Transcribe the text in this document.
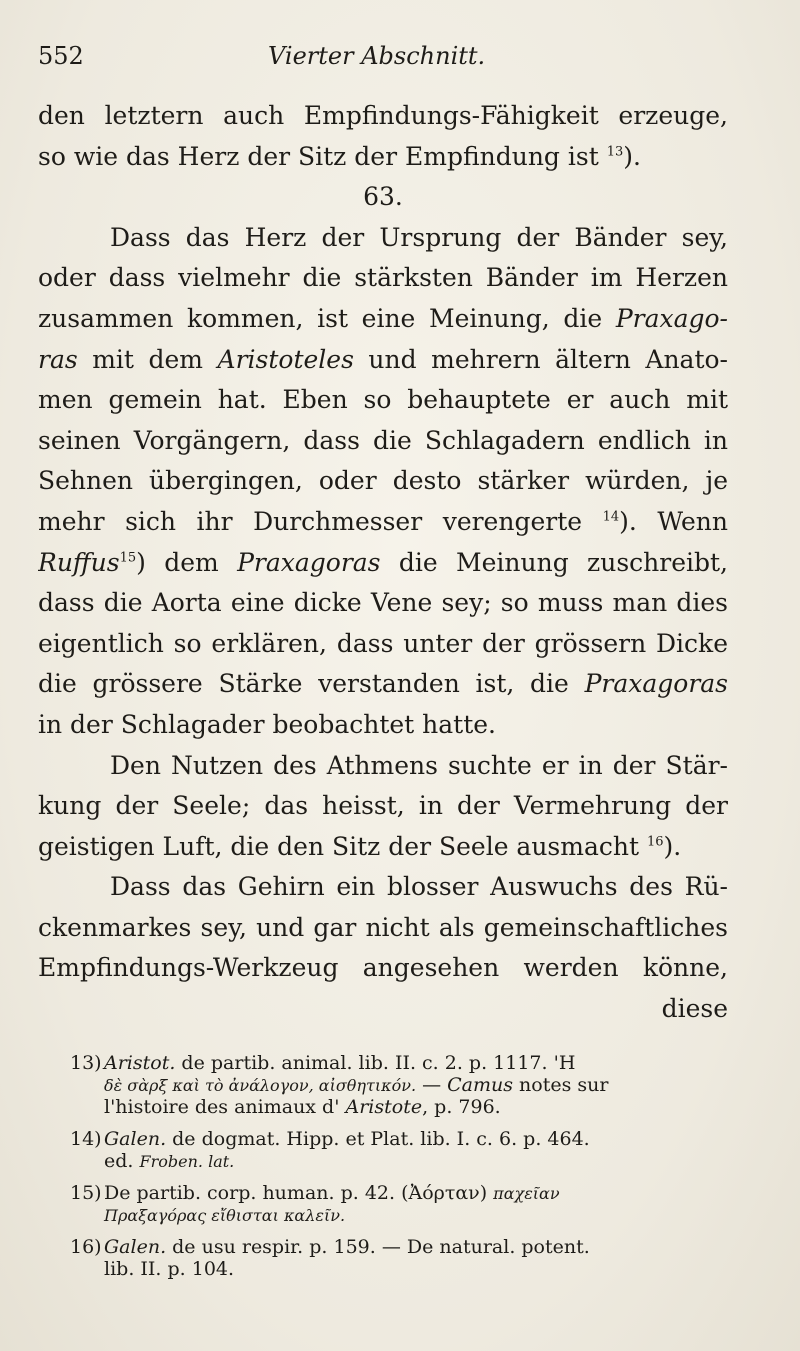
552	Vierter Abschnitt.
den letztern auch Empfindungs-Fähigkeit erzeuge,
so wie das Herz der Sitz der Empfindung ist $^{13}$).
63.
Dass das Herz der Ursprung der Bänder sey,
oder dass vielmehr die stärksten Bänder im Herzen
zusammen kommen, ist eine Meinung, die Praxago-
ras mit dem Aristoteles und mehrern ältern Anato-
men gemein hat. Eben so behauptete er auch mit
seinen Vorgängern, dass die Schlagadern endlich in
Sehnen übergingen, oder desto stärker würden, je
mehr sich ihr Durchmesser verengerte $^{14}$). Wenn
Ruffus$^{15}$) dem Praxagoras die Meinung zuschreibt,
dass die Aorta eine dicke Vene sey; so muss man dies
eigentlich so erklären, dass unter der grössern Dicke
die grössere Stärke verstanden ist, die Praxagoras
in der Schlagader beobachtet hatte.
Den Nutzen des Athmens suchte er in der Stär-
kung der Seele; das heisst, in der Vermehrung der
geistigen Luft, die den Sitz der Seele ausmacht $^{16}$).
Dass das Gehirn ein blosser Auswuchs des Rü-
ckenmarkes sey, und gar nicht als gemeinschaftliches
Empfindungs-Werkzeug angesehen werden könne,
diese
13) Aristot. de partib. animal. lib. II. c. 2. p. 1117. 'H
δὲ σὰρξ καὶ τὸ ἀνάλογον, αἰσθητικόν. — Camus notes sur
l'histoire des animaux d' Aristote, p. 796.
14) Galen. de dogmat. Hipp. et Plat. lib. I. c. 6. p. 464.
ed. Froben. lat.
15) De partib. corp. human. p. 42. (Ἀόρταν) παχεῖαν
Πραξαγόρας εἴθισται καλεῖν.
16) Galen. de usu respir. p. 159. — De natural. potent.
lib. II. p. 104.
